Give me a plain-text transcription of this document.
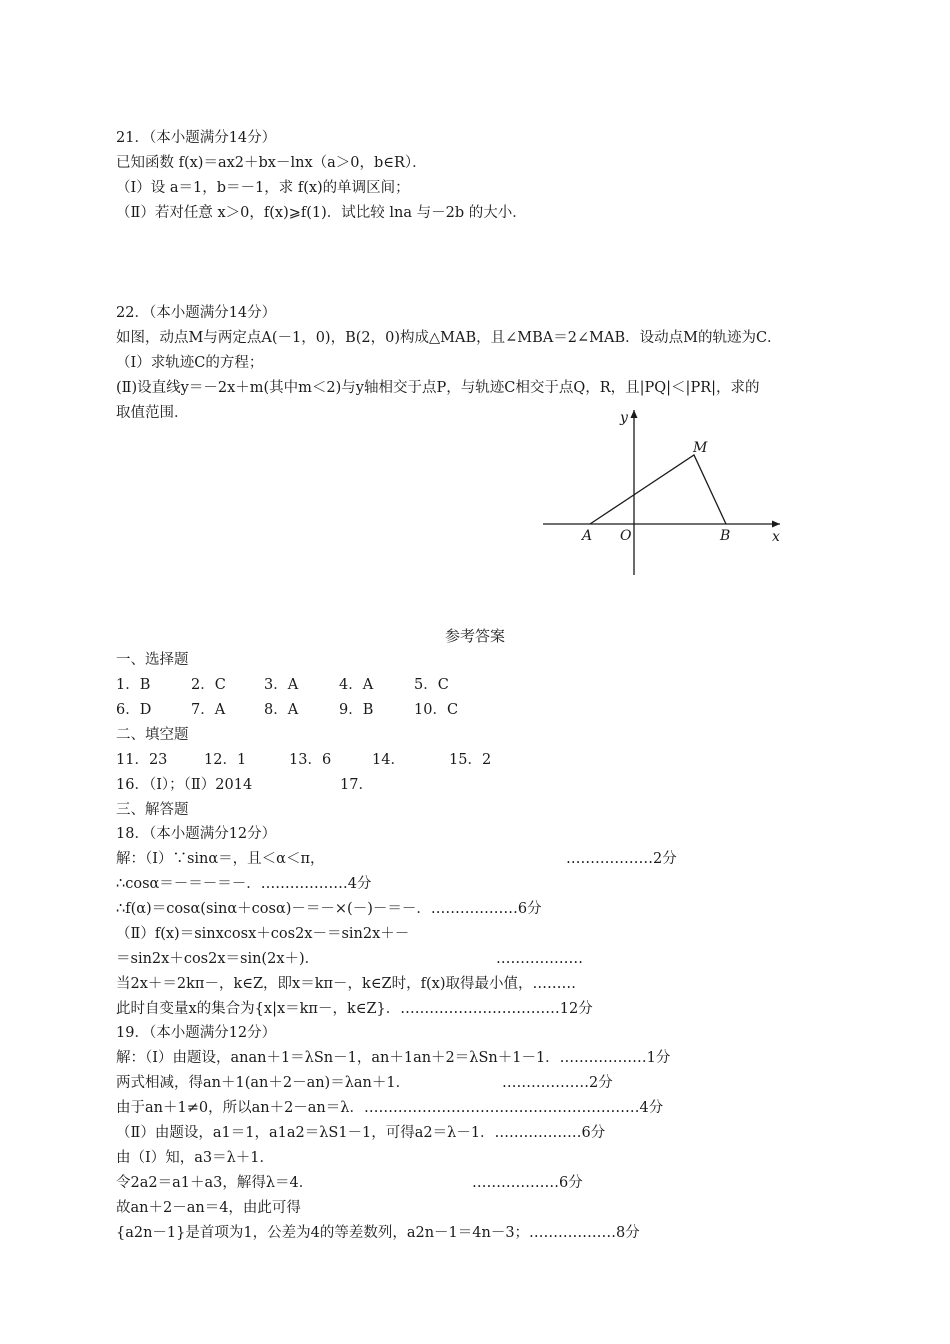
21．（本小题满分14分）
已知函数 f(x)＝ax2＋bx－lnx（a＞0，b∈R）．
（Ⅰ）设 a＝1，b＝－1，求 f(x)的单调区间；
（Ⅱ）若对任意 x＞0，f(x)⩾f(1)．试比较 lna 与－2b 的大小．
22．（本小题满分14分）
如图，动点M与两定点A(－1，0)，B(2，0)构成△MAB，且∠MBA＝2∠MAB．设动点M的轨迹为C．
（Ⅰ）求轨迹C的方程；
(Ⅱ)设直线y＝－2x＋m(其中m＜2)与y轴相交于点P，与轨迹C相交于点Q，R，且|PQ|＜|PR|，求的
取值范围．	y
M
A O	B	x
参考答案
一、选择题
1．B	2．C	3．A	4．A	5．C
6．D	7．A	8．A	9．B	10．C
二、填空题
11．23	12．1	13．6	14．	15．2
16．（Ⅰ）；（Ⅱ）2014	17．
三、解答题
18．（本小题满分12分）
解：（Ⅰ）∵sinα＝，且＜α＜π，	………………2分
∴cosα＝－＝－＝－．………………4分
∴f(α)＝cosα(sinα＋cosα)－＝－×(－)－＝－．………………6分
（Ⅱ）f(x)＝sinxcosx＋cos2x－＝sin2x＋－
＝sin2x＋cos2x＝sin(2x＋)．	………………
当2x＋＝2kπ－，k∈Z，即x＝kπ－，k∈Z时，f(x)取得最小值，………
此时自变量x的集合为{x|x＝kπ－，k∈Z}．……………………………12分
19．（本小题满分12分）
解：（Ⅰ）由题设，anan＋1＝λSn－1，an＋1an＋2＝λSn＋1－1．………………1分
两式相减，得an＋1(an＋2－an)＝λan＋1．	………………2分
由于an＋1≠0，所以an＋2－an＝λ．…………………………………………………4分
（Ⅱ）由题设，a1＝1，a1a2＝λS1－1，可得a2＝λ－1．………………6分
由（Ⅰ）知，a3＝λ＋1．
令2a2＝a1＋a3，解得λ＝4．	………………6分
故an＋2－an＝4，由此可得
{a2n－1}是首项为1，公差为4的等差数列，a2n－1＝4n－3；………………8分
